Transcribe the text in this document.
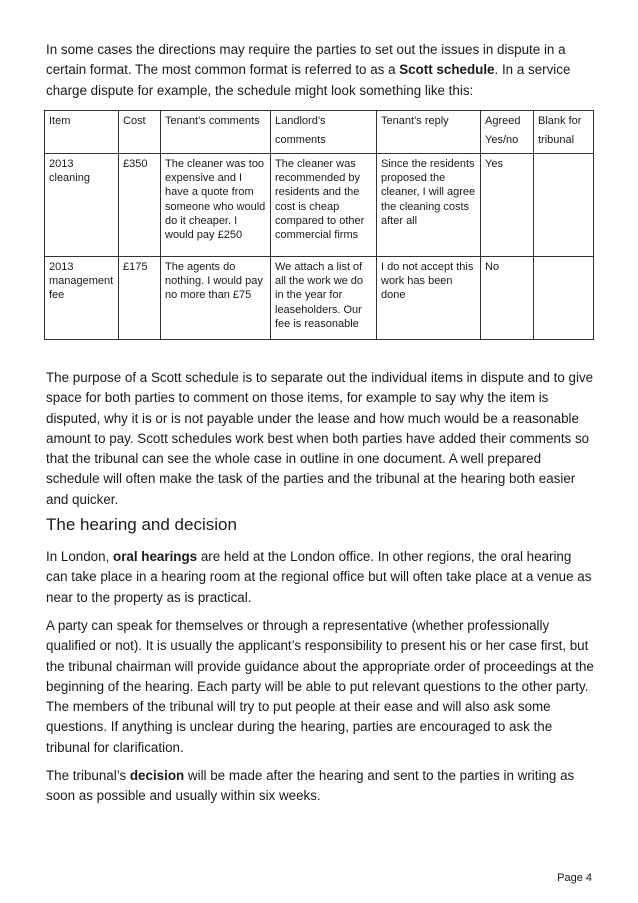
In some cases the directions may require the parties to set out the issues in dispute in a certain format. The most common format is referred to as a Scott schedule. In a service charge dispute for example, the schedule might look something like this:

Item	Cost	Tenant’s comments	Landlord’s comments	Tenant’s reply	Agreed Yes/no	Blank for tribunal
2013 cleaning	£350	The cleaner was too expensive and I have a quote from someone who would do it cheaper. I would pay £250	The cleaner was recommended by residents and the cost is cheap compared to other commercial firms	Since the residents proposed the cleaner, I will agree the cleaning costs after all	Yes	
2013 management fee	£175	The agents do nothing. I would pay no more than £75	We attach a list of all the work we do in the year for leaseholders. Our fee is reasonable	I do not accept this work has been done	No	

The purpose of a Scott schedule is to separate out the individual items in dispute and to give space for both parties to comment on those items, for example to say why the item is disputed, why it is or is not payable under the lease and how much would be a reasonable amount to pay. Scott schedules work best when both parties have added their comments so that the tribunal can see the whole case in outline in one document. A well prepared schedule will often make the task of the parties and the tribunal at the hearing both easier and quicker.

The hearing and decision

In London, oral hearings are held at the London office. In other regions, the oral hearing can take place in a hearing room at the regional office but will often take place at a venue as near to the property as is practical.

A party can speak for themselves or through a representative (whether professionally qualified or not). It is usually the applicant’s responsibility to present his or her case first, but the tribunal chairman will provide guidance about the appropriate order of proceedings at the beginning of the hearing. Each party will be able to put relevant questions to the other party. The members of the tribunal will try to put people at their ease and will also ask some questions. If anything is unclear during the hearing, parties are encouraged to ask the tribunal for clarification.

The tribunal’s decision will be made after the hearing and sent to the parties in writing as soon as possible and usually within six weeks.

Page 4
